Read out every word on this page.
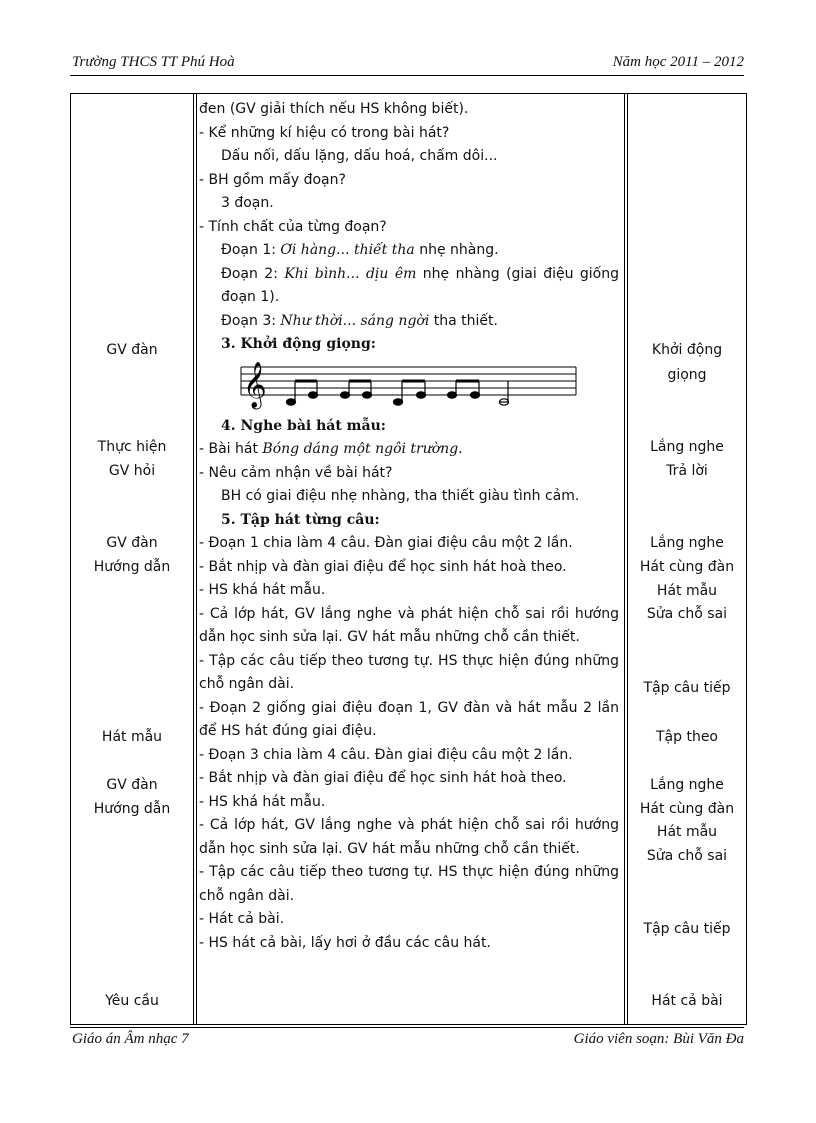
Trường THCS TT Phú Hoà	Năm học 2011 – 2012

đen (GV giải thích nếu HS không biết).

- Kể những kí hiệu có trong bài hát?

Dấu nối, dấu lặng, dấu hoá, chấm dôi...

- BH gồm mấy đoạn?

3 đoạn.

- Tính chất của từng đoạn?

Đoạn 1: Ơi hàng... thiết tha nhẹ nhàng.

Đoạn 2: Khi bình... dịu êm nhẹ nhàng (giai điệu giống đoạn 1).

Đoạn 3: Như thời... sáng ngời tha thiết.

3. Khởi động giọng:

𝄞

4. Nghe bài hát mẫu:

- Bài hát Bóng dáng một ngôi trường.

- Nêu cảm nhận về bài hát?

BH có giai điệu nhẹ nhàng, tha thiết giàu tình cảm.

5. Tập hát từng câu:

- Đoạn 1 chia làm 4 câu. Đàn giai điệu câu một 2 lần.

- Bắt nhịp và đàn giai điệu để học sinh hát hoà theo.

- HS khá hát mẫu.

- Cả lớp hát, GV lắng nghe và phát hiện chỗ sai rồi hướng dẫn học sinh sửa lại. GV hát mẫu những chỗ cần thiết.

- Tập các câu tiếp theo tương tự. HS thực hiện đúng những chỗ ngân dài.

- Đoạn 2 giống giai điệu đoạn 1, GV đàn và hát mẫu 2 lần để HS hát đúng giai điệu.

- Đoạn 3 chia làm 4 câu. Đàn giai điệu câu một 2 lần.

- Bắt nhịp và đàn giai điệu để học sinh hát hoà theo.

- HS khá hát mẫu.

- Cả lớp hát, GV lắng nghe và phát hiện chỗ sai rồi hướng dẫn học sinh sửa lại. GV hát mẫu những chỗ cần thiết.

- Tập các câu tiếp theo tương tự. HS thực hiện đúng những chỗ ngân dài.

- Hát cả bài.

- HS hát cả bài, lấy hơi ở đầu các câu hát.

GV đàn
Thực hiện
GV hỏi
GV đàn
Hướng dẫn
Hát mẫu
GV đàn
Hướng dẫn
Yêu cầu
Khởi động
giọng
Lắng nghe
Trả lời
Lắng nghe
Hát cùng đàn
Hát mẫu
Sửa chỗ sai
Tập câu tiếp
Tập theo
Lắng nghe
Hát cùng đàn
Hát mẫu
Sửa chỗ sai
Tập câu tiếp
Hát cả bài
Giáo án Âm nhạc 7	Giáo viên soạn: Bùi Văn Đa
